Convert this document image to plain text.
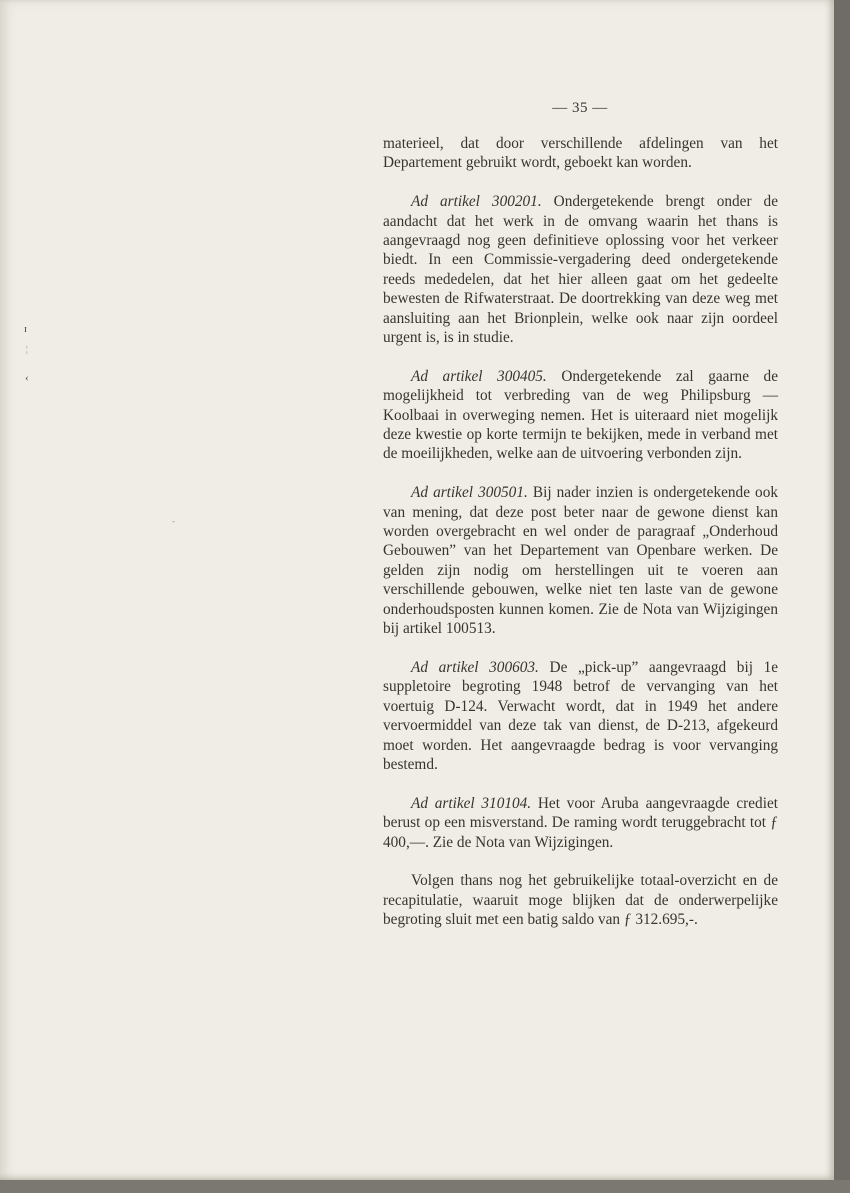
— 35 —
ɪ
¦
‹
-

materieel, dat door verschillende afdelingen van het Departement gebruikt wordt, geboekt kan worden.

Ad artikel 300201. Ondergetekende brengt onder de aandacht dat het werk in de omvang waarin het thans is aangevraagd nog geen definitieve oplossing voor het verkeer biedt. In een Commissie-vergadering deed ondergetekende reeds mededelen, dat het hier alleen gaat om het gedeelte bewesten de Rifwaterstraat. De doortrekking van deze weg met aansluiting aan het Brionplein, welke ook naar zijn oordeel urgent is, is in studie.

Ad artikel 300405. Ondergetekende zal gaarne de mogelijkheid tot verbreding van de weg Philipsburg — Koolbaai in overweging nemen. Het is uiteraard niet mogelijk deze kwestie op korte termijn te bekijken, mede in verband met de moeilijkheden, welke aan de uitvoering verbonden zijn.

Ad artikel 300501. Bij nader inzien is ondergetekende ook van mening, dat deze post beter naar de gewone dienst kan worden overgebracht en wel onder de paragraaf „Onderhoud Gebouwen” van het Departement van Openbare werken. De gelden zijn nodig om herstellingen uit te voeren aan verschillende gebouwen, welke niet ten laste van de gewone onderhoudsposten kunnen komen. Zie de Nota van Wijzigingen bij artikel 100513.

Ad artikel 300603. De „pick-up” aangevraagd bij 1e suppletoire begroting 1948 betrof de vervanging van het voertuig D-124. Verwacht wordt, dat in 1949 het andere vervoermiddel van deze tak van dienst, de D-213, afgekeurd moet worden. Het aangevraagde bedrag is voor vervanging bestemd.

Ad artikel 310104. Het voor Aruba aangevraagde crediet berust op een misverstand. De raming wordt teruggebracht tot ƒ 400,—. Zie de Nota van Wijzigingen.

Volgen thans nog het gebruikelijke totaal-overzicht en de recapitulatie, waaruit moge blijken dat de onderwerpelijke begroting sluit met een batig saldo van ƒ 312.695,-.
